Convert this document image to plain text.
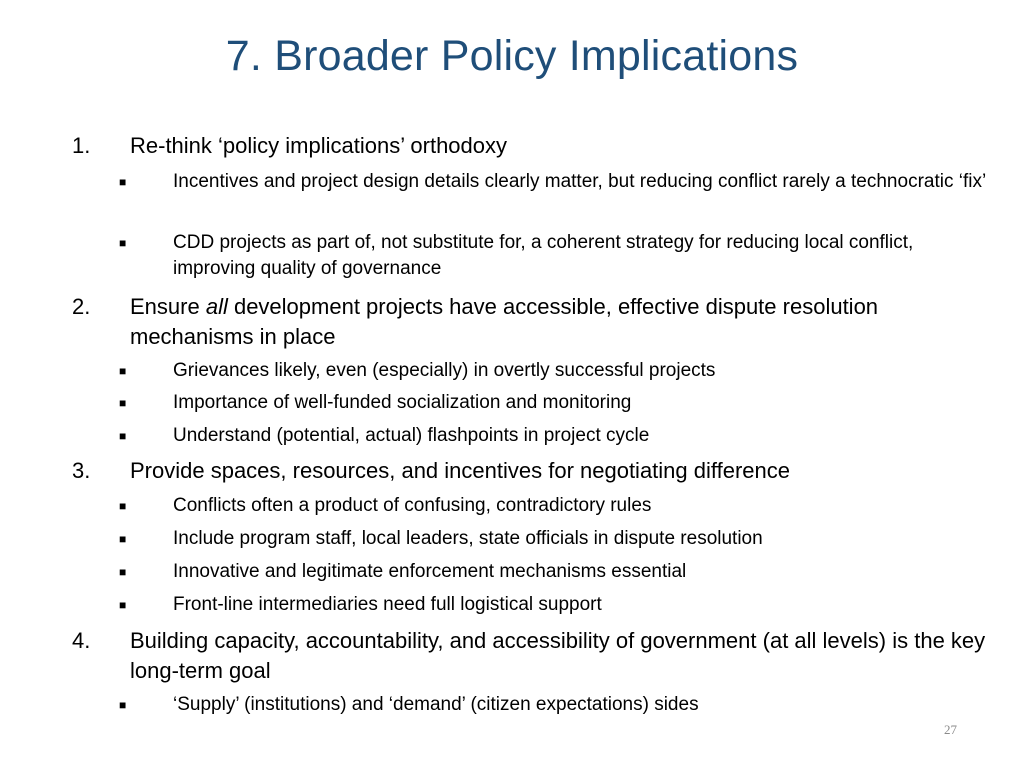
7. Broader Policy Implications
1. Re-think ‘policy implications’ orthodoxy
■ Incentives and project design details clearly matter, but reducing conflict rarely a technocratic ‘fix’
■ CDD projects as part of, not substitute for, a coherent strategy for reducing local conflict, improving quality of governance
2. Ensure all development projects have accessible, effective dispute resolution mechanisms in place
■ Grievances likely, even (especially) in overtly successful projects
■ Importance of well-funded socialization and monitoring
■ Understand (potential, actual) flashpoints in project cycle
3. Provide spaces, resources, and incentives for negotiating difference
■ Conflicts often a product of confusing, contradictory rules
■ Include program staff, local leaders, state officials in dispute resolution
■ Innovative and legitimate enforcement mechanisms essential
■ Front-line intermediaries need full logistical support
4. Building capacity, accountability, and accessibility of government (at all levels) is the key long-term goal
■ ‘Supply’ (institutions) and ‘demand’ (citizen expectations) sides
27
